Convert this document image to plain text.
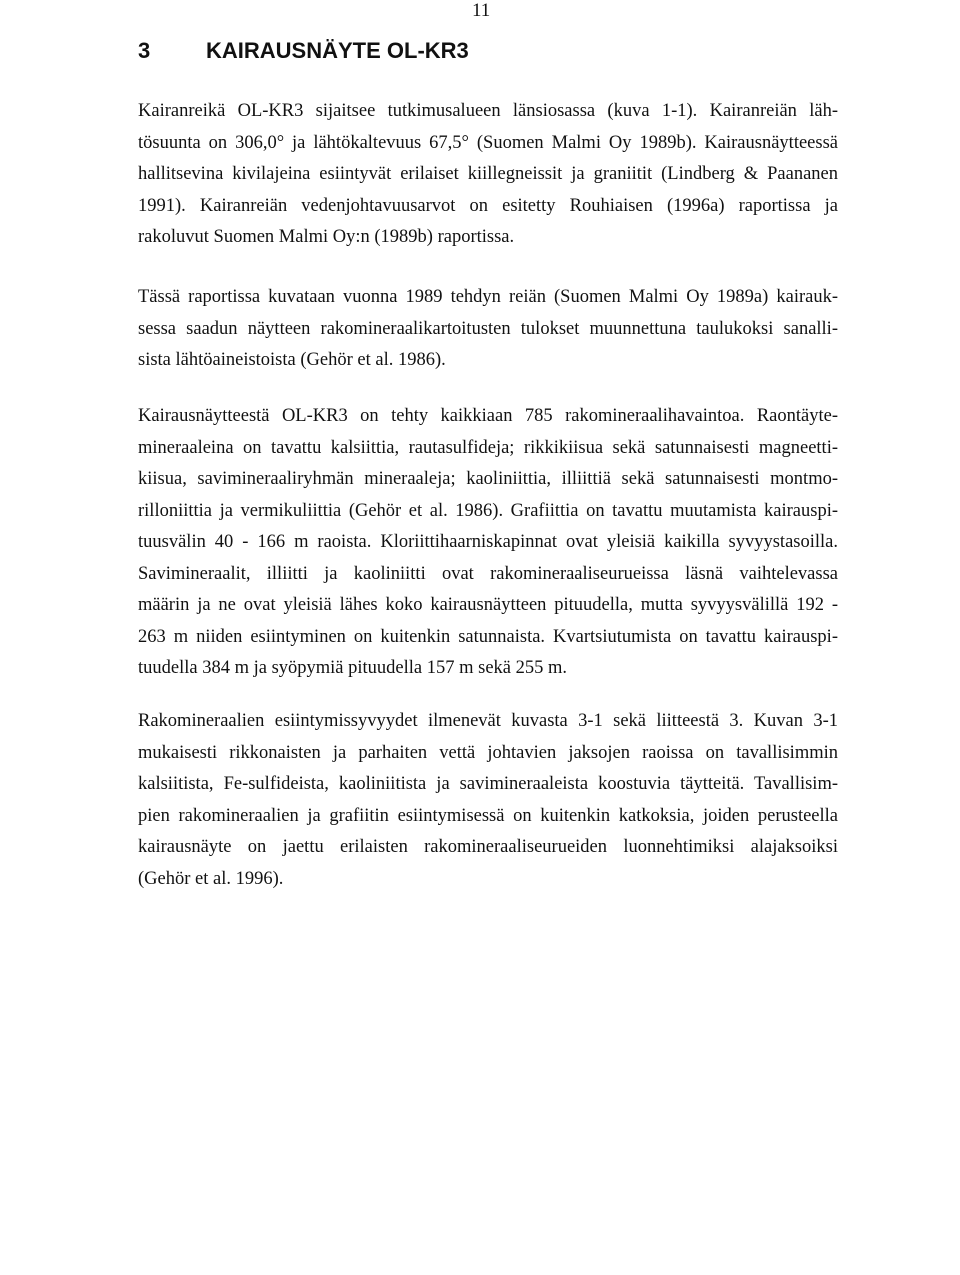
11
3	KAIRAUSNÄYTE OL-KR3
Kairanreikä OL-KR3 sijaitsee tutkimusalueen länsiosassa (kuva 1-1). Kairanreiän läh-
tösuunta on 306,0° ja lähtökaltevuus 67,5° (Suomen Malmi Oy 1989b). Kairausnäytteessä
hallitsevina kivilajeina esiintyvät erilaiset kiillegneissit ja graniitit (Lindberg & Paananen
1991). Kairanreiän vedenjohtavuusarvot on esitetty Rouhiaisen (1996a) raportissa ja
rakoluvut Suomen Malmi Oy:n (1989b) raportissa.
Tässä raportissa kuvataan vuonna 1989 tehdyn reiän (Suomen Malmi Oy 1989a) kairauk-
sessa saadun näytteen rakomineraalikartoitusten tulokset muunnettuna taulukoksi sanalli-
sista lähtöaineistoista (Gehör et al. 1986).
Kairausnäytteestä OL-KR3 on tehty kaikkiaan 785 rakomineraalihavaintoa. Raontäyte-
mineraaleina on tavattu kalsiittia, rautasulfideja; rikkikiisua sekä satunnaisesti magneetti-
kiisua, savimineraaliryhmän mineraaleja; kaoliniittia, illiittiä sekä satunnaisesti montmo-
rilloniittia ja vermikuliittia (Gehör et al. 1986). Grafiittia on tavattu muutamista kairauspi-
tuusvälin 40 - 166 m raoista. Kloriittihaarniskapinnat ovat yleisiä kaikilla syvyystasoilla.
Savimineraalit, illiitti ja kaoliniitti ovat rakomineraaliseurueissa läsnä vaihtelevassa
määrin ja ne ovat yleisiä lähes koko kairausnäytteen pituudella, mutta syvyysvälillä 192 -
263 m niiden esiintyminen on kuitenkin satunnaista. Kvartsiutumista on tavattu kairauspi-
tuudella 384 m ja syöpymiä pituudella 157 m sekä 255 m.
Rakomineraalien esiintymissyvyydet ilmenevät kuvasta 3-1 sekä liitteestä 3. Kuvan 3-1
mukaisesti rikkonaisten ja parhaiten vettä johtavien jaksojen raoissa on tavallisimmin
kalsiitista, Fe-sulfideista, kaoliniitista ja savimineraaleista koostuvia täytteitä. Tavallisim-
pien rakomineraalien ja grafiitin esiintymisessä on kuitenkin katkoksia, joiden perusteella
kairausnäyte on jaettu erilaisten rakomineraaliseurueiden luonnehtimiksi alajaksoiksi
(Gehör et al. 1996).
